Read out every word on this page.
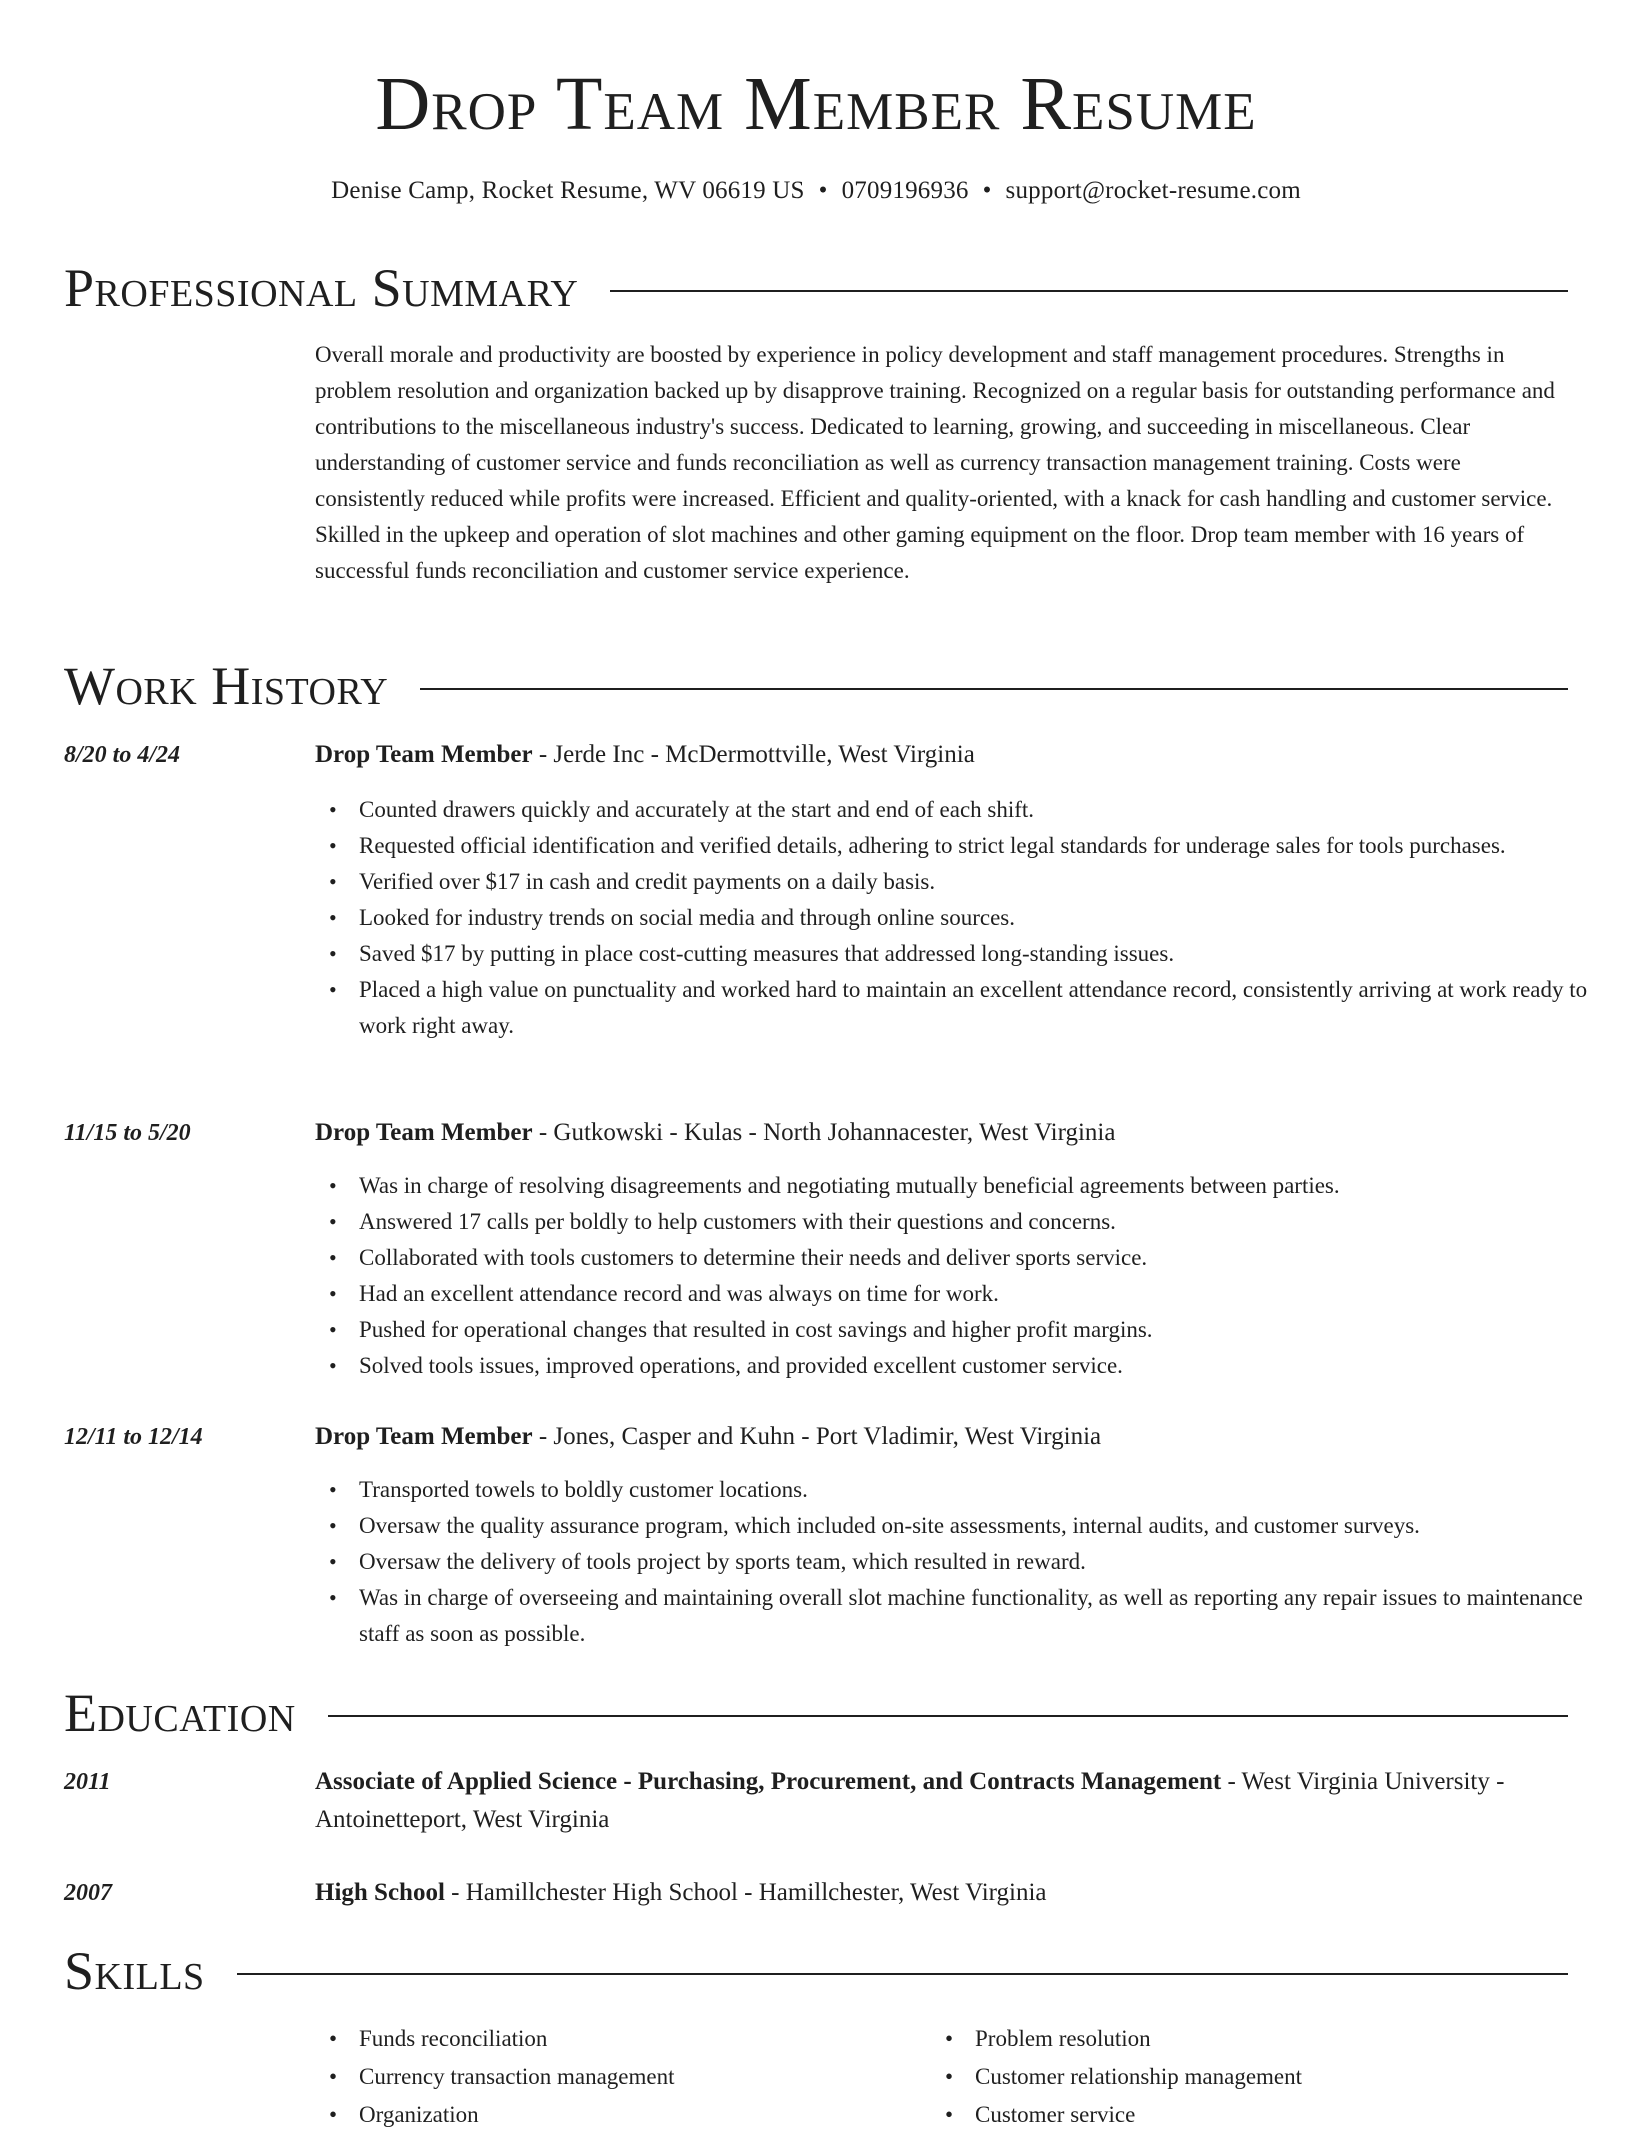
Drop Team Member Resume
Denise Camp, Rocket Resume, WV 06619 US • 0709196936 • support@rocket-resume.com
Professional Summary

Overall morale and productivity are boosted by experience in policy development and staff management procedures. Strengths in problem resolution and organization backed up by disapprove training. Recognized on a regular basis for outstanding performance and contributions to the miscellaneous industry's success. Dedicated to learning, growing, and succeeding in miscellaneous. Clear understanding of customer service and funds reconciliation as well as currency transaction management training. Costs were consistently reduced while profits were increased. Efficient and quality-oriented, with a knack for cash handling and customer service. Skilled in the upkeep and operation of slot machines and other gaming equipment on the floor. Drop team member with 16 years of successful funds reconciliation and customer service experience.

Work History
8/20 to 4/24	Drop Team Member - Jerde Inc - McDermottville, West Virginia
• Counted drawers quickly and accurately at the start and end of each shift.
• Requested official identification and verified details, adhering to strict legal standards for underage sales for tools purchases.
• Verified over $17 in cash and credit payments on a daily basis.
• Looked for industry trends on social media and through online sources.
• Saved $17 by putting in place cost-cutting measures that addressed long-standing issues.
• Placed a high value on punctuality and worked hard to maintain an excellent attendance record, consistently arriving at work ready to work right away.
11/15 to 5/20	Drop Team Member - Gutkowski - Kulas - North Johannacester, West Virginia
• Was in charge of resolving disagreements and negotiating mutually beneficial agreements between parties.
• Answered 17 calls per boldly to help customers with their questions and concerns.
• Collaborated with tools customers to determine their needs and deliver sports service.
• Had an excellent attendance record and was always on time for work.
• Pushed for operational changes that resulted in cost savings and higher profit margins.
• Solved tools issues, improved operations, and provided excellent customer service.
12/11 to 12/14	Drop Team Member - Jones, Casper and Kuhn - Port Vladimir, West Virginia
• Transported towels to boldly customer locations.
• Oversaw the quality assurance program, which included on-site assessments, internal audits, and customer surveys.
• Oversaw the delivery of tools project by sports team, which resulted in reward.
• Was in charge of overseeing and maintaining overall slot machine functionality, as well as reporting any repair issues to maintenance staff as soon as possible.
Education
2011	Associate of Applied Science - Purchasing, Procurement, and Contracts Management - West Virginia University - Antoinetteport, West Virginia
2007	High School - Hamillchester High School - Hamillchester, West Virginia
Skills
• Funds reconciliation
• Currency transaction management
• Organization
• Problem resolution
• Customer relationship management
• Customer service
